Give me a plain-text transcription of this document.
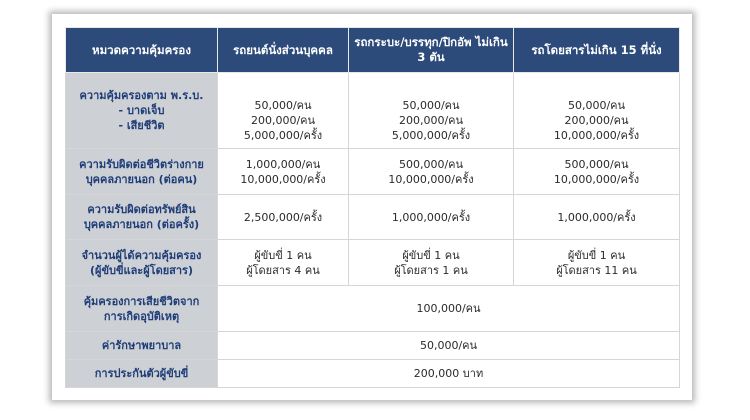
หมวดความคุ้มครอง	รถยนต์นั่งส่วนบุคคล	รถกระบะ/บรรทุก/ปิกอัพ ไม่เกิน 3 ตัน	รถโดยสารไม่เกิน 15 ที่นั่ง

ความคุ้มครองตาม พ.ร.บ.
- บาดเจ็บ
- เสียชีวิต	50,000/คน
200,000/คน
5,000,000/ครั้ง	50,000/คน
200,000/คน
5,000,000/ครั้ง	50,000/คน
200,000/คน
10,000,000/ครั้ง

ความรับผิดต่อชีวิตร่างกาย
บุคคลภายนอก (ต่อคน)	1,000,000/คน
10,000,000/ครั้ง	500,000/คน
10,000,000/ครั้ง	500,000/คน
10,000,000/ครั้ง

ความรับผิดต่อทรัพย์สิน
บุคคลภายนอก (ต่อครั้ง)	2,500,000/ครั้ง	1,000,000/ครั้ง	1,000,000/ครั้ง

จำนวนผู้ได้ความคุ้มครอง
(ผู้ขับขี่และผู้โดยสาร)	ผู้ขับขี่ 1 คน
ผู้โดยสาร 4 คน	ผู้ขับขี่ 1 คน
ผู้โดยสาร 1 คน	ผู้ขับขี่ 1 คน
ผู้โดยสาร 11 คน

คุ้มครองการเสียชีวิตจาก
การเกิดอุบัติเหตุ	100,000/คน		

ค่ารักษาพยาบาล	50,000/คน		

การประกันตัวผู้ขับขี่	200,000 บาท		
